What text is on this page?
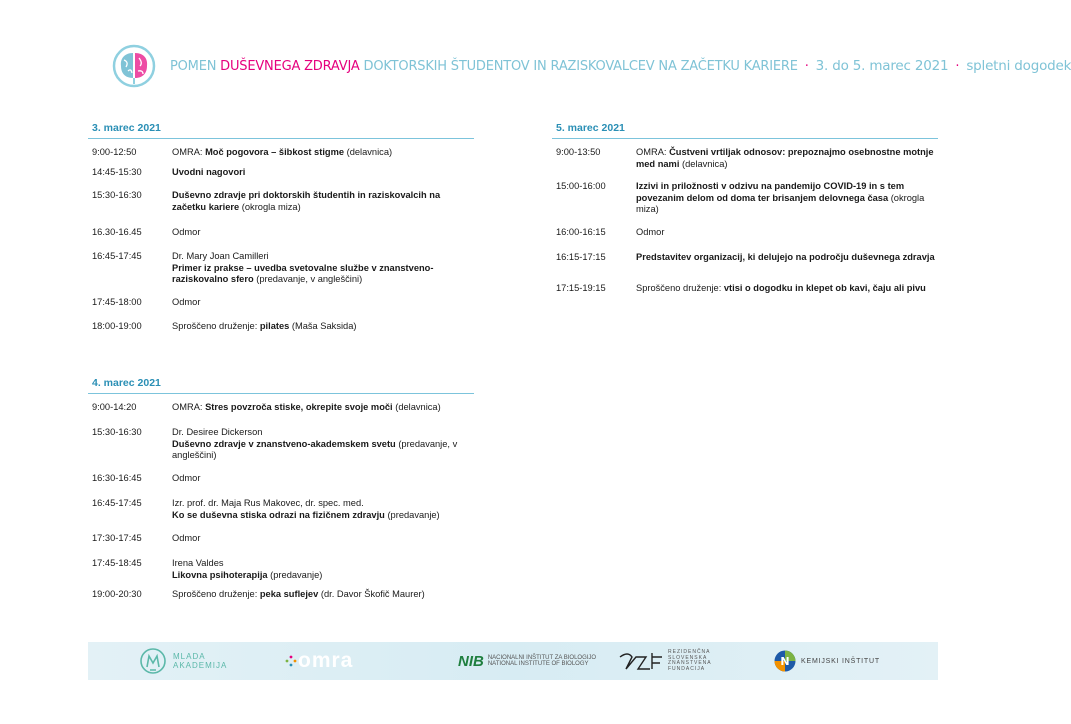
POMEN DUŠEVNEGA ZDRAVJA DOKTORSKIH ŠTUDENTOV IN RAZISKOVALCEV NA ZAČETKU KARIERE · 3. do 5. marec 2021 · spletni dogodek
3. marec 2021
9:00-12:50	OMRA: Moč pogovora – šibkost stigme (delavnica)
14:45-15:30	Uvodni nagovori
15:30-16:30	Duševno zdravje pri doktorskih študentih in raziskovalcih na začetku kariere (okrogla miza)
16.30-16.45	Odmor
16:45-17:45	Dr. Mary Joan Camilleri
Primer iz prakse – uvedba svetovalne službe v znanstveno-raziskovalno sfero (predavanje, v angleščini)
17:45-18:00	Odmor
18:00-19:00	Sproščeno druženje: pilates (Maša Saksida)
4. marec 2021
9:00-14:20	OMRA: Stres povzroča stiske, okrepite svoje moči (delavnica)
15:30-16:30	Dr. Desiree Dickerson
Duševno zdravje v znanstveno-akademskem svetu (predavanje, v angleščini)
16:30-16:45	Odmor
16:45-17:45	Izr. prof. dr. Maja Rus Makovec, dr. spec. med.
Ko se duševna stiska odrazi na fizičnem zdravju (predavanje)
17:30-17:45	Odmor
17:45-18:45	Irena Valdes
Likovna psihoterapija (predavanje)
19:00-20:30	Sproščeno druženje: peka suflejev (dr. Davor Škofič Maurer)
5. marec 2021
9:00-13:50	OMRA: Čustveni vrtiljak odnosov: prepoznajmo osebnostne motnje med nami (delavnica)
15:00-16:00	Izzivi in priložnosti v odzivu na pandemijo COVID-19 in s tem povezanim delom od doma ter brisanjem delovnega časa (okrogla miza)
16:00-16:15	Odmor
16:15-17:15	Predstavitev organizacij, ki delujejo na področju duševnega zdravja
17:15-19:15	Sproščeno druženje: vtisi o dogodku in klepet ob kavi, čaju ali pivu
MLADA
AKADEMIJA	omra	NIB NACIONALNI INŠTITUT ZA BIOLOGIJO
NATIONAL INSTITUTE OF BIOLOGY
REZIDENČNA
SLOVENSKA
ZNANSTVENA
FUNDACIJA
N KEMIJSKI INŠTITUT
